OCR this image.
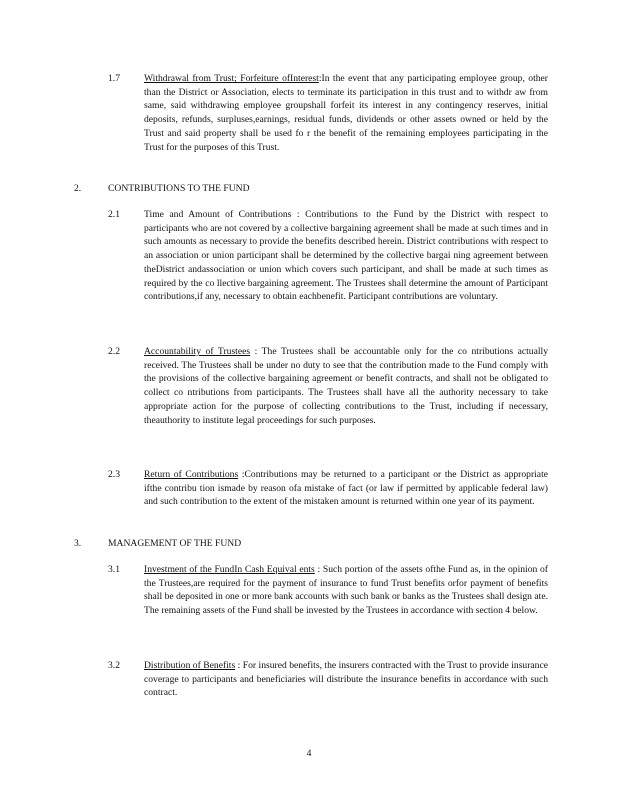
1.7	Withdrawal from Trust; Forfeiture ofInterest:In the event that any participating employee group, other than the District or Association, elects to terminate its participation in this trust and to withdr aw from same, said withdrawing employee groupshall forfeit its interest in any contingency reserves, initial deposits, refunds, surpluses,earnings, residual funds, dividends or other assets owned or held by the Trust and said property shall be used fo r the benefit of the remaining employees participating in the Trust for the purposes of this Trust.
2.	CONTRIBUTIONS TO THE FUND
2.1	Time and Amount of Contributions : Contributions to the Fund by the District with respect to participants who are not covered by a collective bargaining agreement shall be made at such times and in such amounts as necessary to provide the benefits described herein. District contributions with respect to an association or union participant shall be determined by the collective bargai ning agreement between theDistrict andassociation or union which covers such participant, and shall be made at such times as required by the co llective bargaining agreement. The Trustees shall determine the amount of Participant contributions,if any, necessary to obtain eachbenefit. Participant contributions are voluntary.
2.2	Accountability of Trustees : The Trustees shall be accountable only for the co ntributions actually received. The Trustees shall be under no duty to see that the contribution made to the Fund comply with the provisions of the collective bargaining agreement or benefit contracts, and shall not be obligated to collect co ntributions from participants. The Trustees shall have all the authority necessary to take appropriate action for the purpose of collecting contributions to the Trust, including if necessary, theauthority to institute legal proceedings for such purposes.
2.3	Return of Contributions :Contributions may be returned to a participant or the District as appropriate ifthe contribu tion ismade by reason ofa mistake of fact (or law if permitted by applicable federal law) and such contribution to the extent of the mistaken amount is returned within one year of its payment.
3.	MANAGEMENT OF THE FUND
3.1	Investment of the FundIn Cash Equival ents : Such portion of the assets ofthe Fund as, in the opinion of the Trustees,are required for the payment of insurance to fund Trust benefits orfor payment of benefits shall be deposited in one or more bank accounts with such bank or banks as the Trustees shall design ate. The remaining assets of the Fund shall be invested by the Trustees in accordance with section 4 below.
3.2	Distribution of Benefits : For insured benefits, the insurers contracted with the Trust to provide insurance coverage to participants and beneficiaries will distribute the insurance benefits in accordance with such contract.
4
